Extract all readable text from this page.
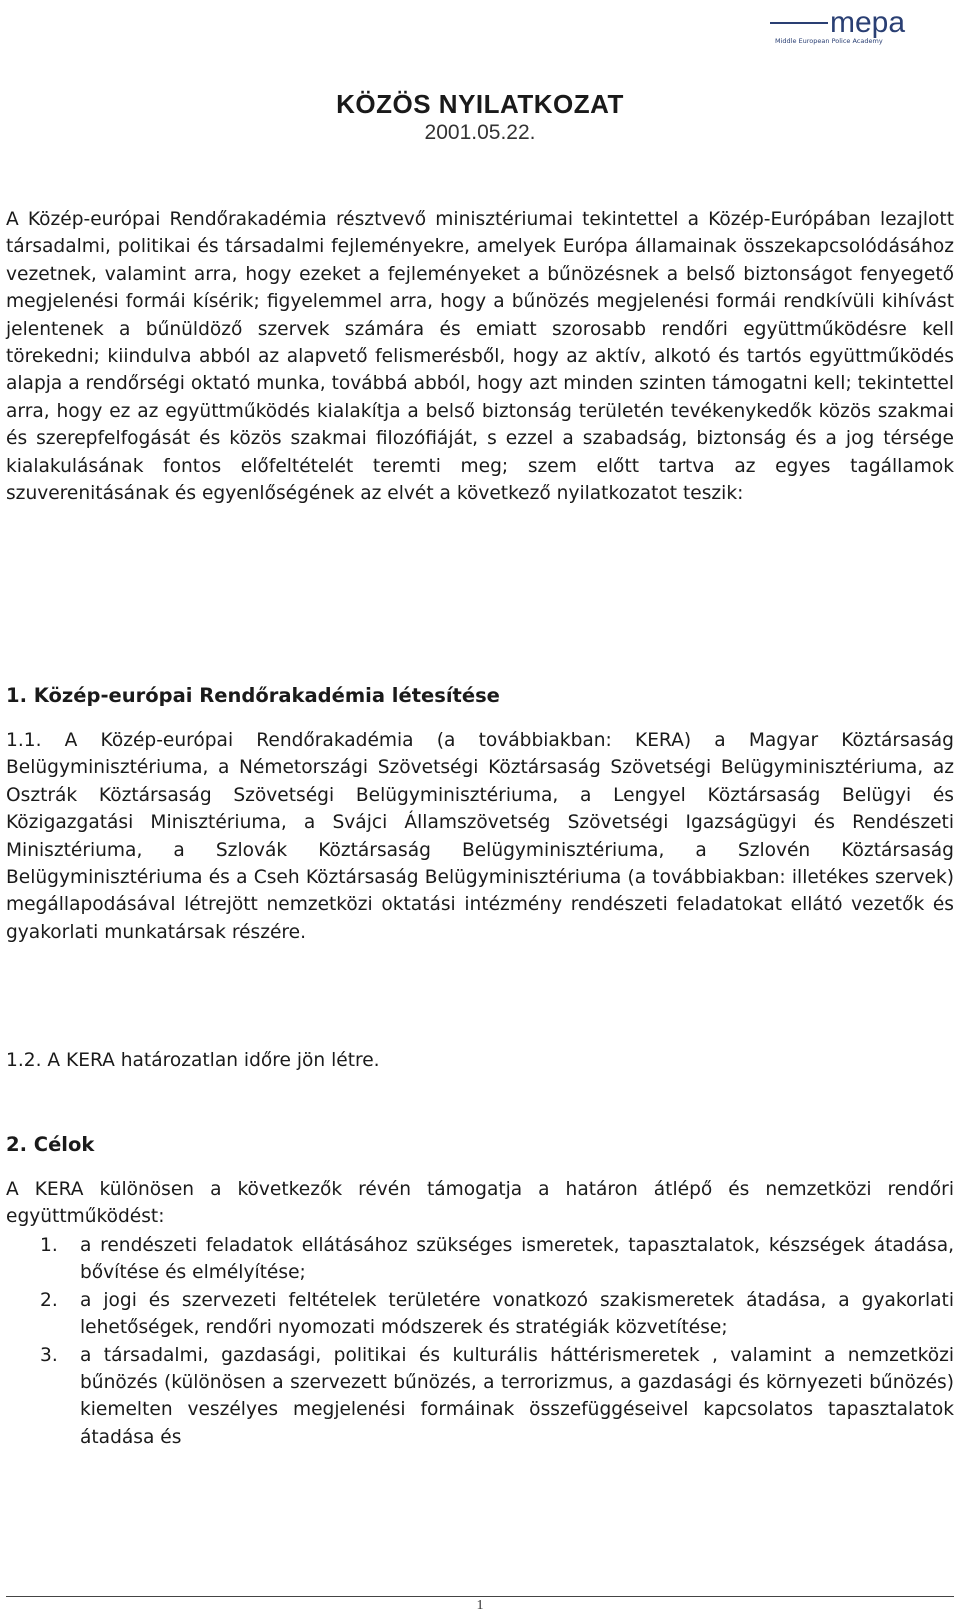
mepa
Middle European Police Academy
KÖZÖS NYILATKOZAT
2001.05.22.

A Közép-európai Rendőrakadémia résztvevő minisztériumai tekintettel a Közép-Európában lezajlott társadalmi, politikai és társadalmi fejleményekre, amelyek Európa államainak összekapcsolódásához vezetnek, valamint arra, hogy ezeket a fejleményeket a bűnözésnek a belső biztonságot fenyegető megjelenési formái kísérik; figyelemmel arra, hogy a bűnözés megjelenési formái rendkívüli kihívást jelentenek a bűnüldöző szervek számára és emiatt szorosabb rendőri együttműködésre kell törekedni; kiindulva abból az alapvető felismerésből, hogy az aktív, alkotó és tartós együttműködés alapja a rendőrségi oktató munka, továbbá abból, hogy azt minden szinten támogatni kell; tekintettel arra, hogy ez az együttműködés kialakítja a belső biztonság területén tevékenykedők közös szakmai és szerepfelfogását és közös szakmai filozófiáját, s ezzel a szabadság, biztonság és a jog térsége kialakulásának fontos előfeltételét teremti meg; szem előtt tartva az egyes tagállamok szuverenitásának és egyenlőségének az elvét a következő nyilatkozatot teszik:

1. Közép-európai Rendőrakadémia létesítése

1.1. A Közép-európai Rendőrakadémia (a továbbiakban: KERA) a Magyar Köztársaság Belügyminisztériuma, a Németországi Szövetségi Köztársaság Szövetségi Belügyminisztériuma, az Osztrák Köztársaság Szövetségi Belügyminisztériuma, a Lengyel Köztársaság Belügyi és Közigazgatási Minisztériuma, a Svájci Államszövetség Szövetségi Igazságügyi és Rendészeti Minisztériuma, a Szlovák Köztársaság Belügyminisztériuma, a Szlovén Köztársaság Belügyminisztériuma és a Cseh Köztársaság Belügyminisztériuma (a továbbiakban: illetékes szervek) megállapodásával létrejött nemzetközi oktatási intézmény rendészeti feladatokat ellátó vezetők és gyakorlati munkatársak részére.

1.2. A KERA határozatlan időre jön létre.
2. Célok

A KERA különösen a következők révén támogatja a határon átlépő és nemzetközi rendőri együttműködést:

1. a rendészeti feladatok ellátásához szükséges ismeretek, tapasztalatok, készségek átadása, bővítése és elmélyítése;
2. a jogi és szervezeti feltételek területére vonatkozó szakismeretek átadása, a gyakorlati lehetőségek, rendőri nyomozati módszerek és stratégiák közvetítése;
3. a társadalmi, gazdasági, politikai és kulturális háttérismeretek , valamint a nemzetközi bűnözés (különösen a szervezett bűnözés, a terrorizmus, a gazdasági és környezeti bűnözés) kiemelten veszélyes megjelenési formáinak összefüggéseivel kapcsolatos tapasztalatok átadása és
1
